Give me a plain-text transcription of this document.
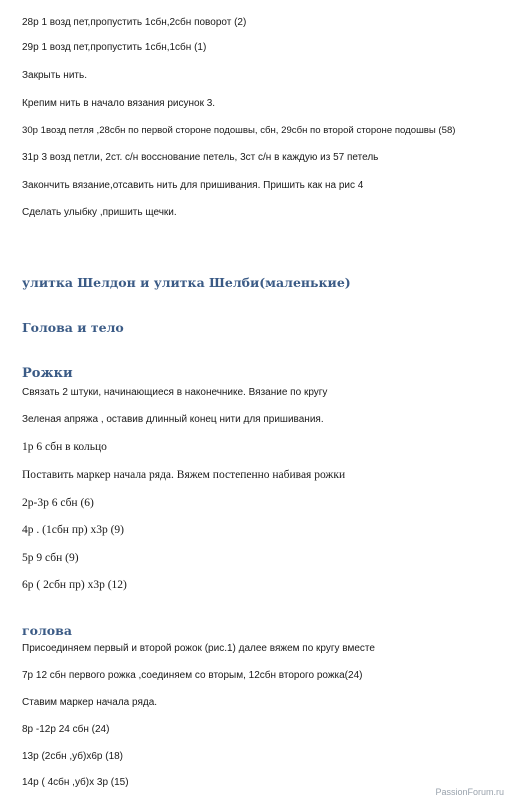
28р 1 возд пет,пропустить 1сбн,2сбн поворот (2)
29р 1 возд пет,пропустить 1сбн,1сбн (1)
Закрыть нить.
Крепим нить в начало вязания рисунок 3.
30р 1возд петля ,28сбн по первой стороне подошвы, сбн, 29сбн по второй стороне подошвы (58)
31р 3 возд петли, 2ст. с/н восснование петель, 3ст с/н в каждую из 57 петель
Закончить вязание,отсавить нить для пришивания. Пришить как на рис 4
Сделать улыбку ,пришить щечки.
улитка Шелдон и улитка Шелби(маленькие)
Голова и тело
Рожки
Связать 2 штуки, начинающиеся в наконечнике. Вязание по кругу
Зеленая апряжа , оставив длинный конец нити для пришивания.
1р 6 сбн в кольцо
Поставить маркер начала ряда. Вяжем постепенно набивая рожки
2р-3р 6 сбн (6)
4р . (1сбн пр) х3р (9)
5р 9 сбн (9)
6р ( 2сбн пр) х3р (12)
голова
Присоединяем первый и второй рожок (рис.1) далее вяжем по кругу вместе
7р 12 сбн первого рожка ,соединяем со вторым, 12сбн второго рожка(24)
Ставим маркер начала ряда.
8р -12р 24 сбн (24)
13р (2сбн ,уб)х6р (18)
14р ( 4сбн ,уб)х 3р (15)
PassionForum.ru
